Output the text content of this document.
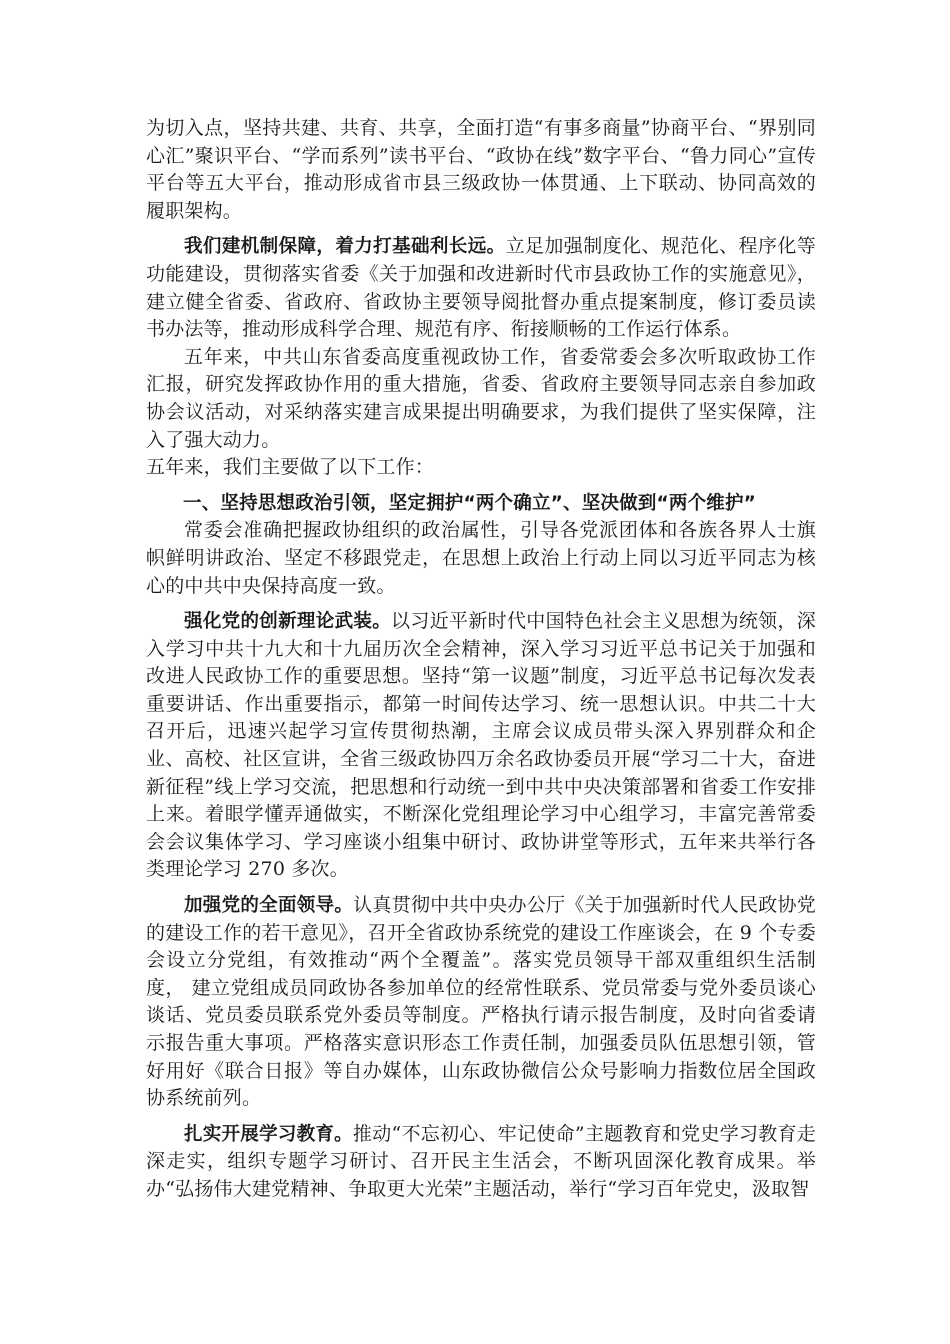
为切入点，坚持共建、共育、共享，全面打造“有事多商量”协商平台、“界别同心汇”聚识平台、“学而系列”读书平台、“政协在线”数字平台、“鲁力同心”宣传平台等五大平台，推动形成省市县三级政协一体贯通、上下联动、协同高效的履职架构。

我们建机制保障，着力打基础利长远。立足加强制度化、规范化、程序化等功能建设，贯彻落实省委《关于加强和改进新时代市县政协工作的实施意见》，建立健全省委、省政府、省政协主要领导阅批督办重点提案制度，修订委员读书办法等，推动形成科学合理、规范有序、衔接顺畅的工作运行体系。

五年来，中共山东省委高度重视政协工作，省委常委会多次听取政协工作汇报，研究发挥政协作用的重大措施，省委、省政府主要领导同志亲自参加政协会议活动，对采纳落实建言成果提出明确要求，为我们提供了坚实保障，注入了强大动力。

五年来，我们主要做了以下工作：

一、坚持思想政治引领，坚定拥护“两个确立”、坚决做到“两个维护”

常委会准确把握政协组织的政治属性，引导各党派团体和各族各界人士旗帜鲜明讲政治、坚定不移跟党走，在思想上政治上行动上同以习近平同志为核心的中共中央保持高度一致。

强化党的创新理论武装。以习近平新时代中国特色社会主义思想为统领，深入学习中共十九大和十九届历次全会精神，深入学习习近平总书记关于加强和改进人民政协工作的重要思想。坚持“第一议题”制度，习近平总书记每次发表重要讲话、作出重要指示，都第一时间传达学习、统一思想认识。中共二十大召开后，迅速兴起学习宣传贯彻热潮，主席会议成员带头深入界别群众和企业、高校、社区宣讲，全省三级政协四万余名政协委员开展“学习二十大，奋进新征程”线上学习交流，把思想和行动统一到中共中央决策部署和省委工作安排上来。着眼学懂弄通做实，不断深化党组理论学习中心组学习，丰富完善常委会会议集体学习、学习座谈小组集中研讨、政协讲堂等形式，五年来共举行各类理论学习 270 多次。

加强党的全面领导。认真贯彻中共中央办公厅《关于加强新时代人民政协党的建设工作的若干意见》，召开全省政协系统党的建设工作座谈会，在 9 个专委会设立分党组，有效推动“两个全覆盖”。落实党员领导干部双重组织生活制度， 建立党组成员同政协各参加单位的经常性联系、党员常委与党外委员谈心谈话、党员委员联系党外委员等制度。严格执行请示报告制度，及时向省委请示报告重大事项。严格落实意识形态工作责任制，加强委员队伍思想引领，管好用好《联合日报》等自办媒体，山东政协微信公众号影响力指数位居全国政协系统前列。

扎实开展学习教育。推动“不忘初心、牢记使命”主题教育和党史学习教育走深走实，组织专题学习研讨、召开民主生活会，不断巩固深化教育成果。举办“弘扬伟大建党精神、争取更大光荣”主题活动，举行“学习百年党史，汲取智
